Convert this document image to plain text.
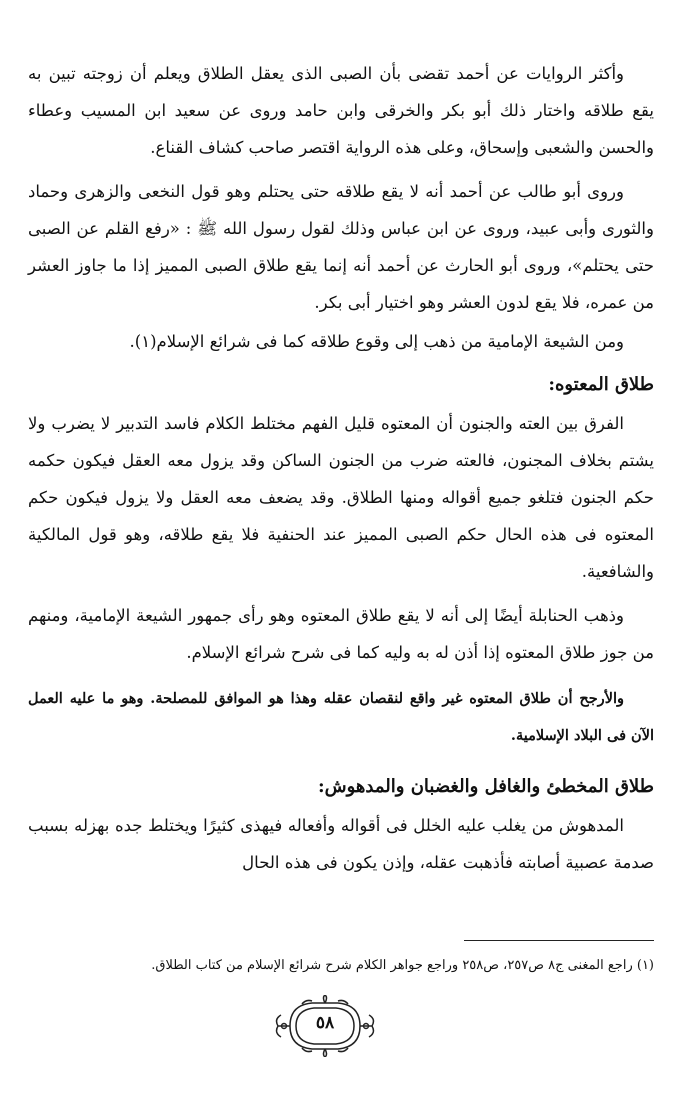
وأكثر الروايات عن أحمد تقضى بأن الصبى الذى يعقل الطلاق ويعلم أن زوجته تبين به يقع طلاقه واختار ذلك أبو بكر والخرقى وابن حامد وروى عن سعيد ابن المسيب وعطاء والحسن والشعبى وإسحاق، وعلى هذه الرواية اقتصر صاحب كشاف القناع.

وروى أبو طالب عن أحمد أنه لا يقع طلاقه حتى يحتلم وهو قول النخعى والزهرى وحماد والثورى وأبى عبيد، وروى عن ابن عباس وذلك لقول رسول الله ﷺ : «رفع القلم عن الصبى حتى يحتلم»، وروى أبو الحارث عن أحمد أنه إنما يقع طلاق الصبى المميز إذا ما جاوز العشر من عمره، فلا يقع لدون العشر وهو اختيار أبى بكر.

ومن الشيعة الإمامية من ذهب إلى وقوع طلاقه كما فى شرائع الإسلام(١).

طلاق المعتوه:

الفرق بين العته والجنون أن المعتوه قليل الفهم مختلط الكلام فاسد التدبير لا يضرب ولا يشتم بخلاف المجنون، فالعته ضرب من الجنون الساكن وقد يزول معه العقل فيكون حكمه حكم الجنون فتلغو جميع أقواله ومنها الطلاق. وقد يضعف معه العقل ولا يزول فيكون حكم المعتوه فى هذه الحال حكم الصبى المميز عند الحنفية فلا يقع طلاقه، وهو قول المالكية والشافعية.

وذهب الحنابلة أيضًا إلى أنه لا يقع طلاق المعتوه وهو رأى جمهور الشيعة الإمامية، ومنهم من جوز طلاق المعتوه إذا أذن له به وليه كما فى شرح شرائع الإسلام.

والأرجح أن طلاق المعتوه غير واقع لنقصان عقله وهذا هو الموافق للمصلحة. وهو ما عليه العمل الآن فى البلاد الإسلامية.

طلاق المخطئ والغافل والغضبان والمدهوش:

المدهوش من يغلب عليه الخلل فى أقواله وأفعاله فيهذى كثيرًا ويختلط جده بهزله بسبب صدمة عصبية أصابته فأذهبت عقله، وإذن يكون فى هذه الحال

(١) راجع المغنى ج٨ ص٢٥٧، ص٢٥٨ وراجع جواهر الكلام شرح شرائع الإسلام من كتاب الطلاق.
٥٨
